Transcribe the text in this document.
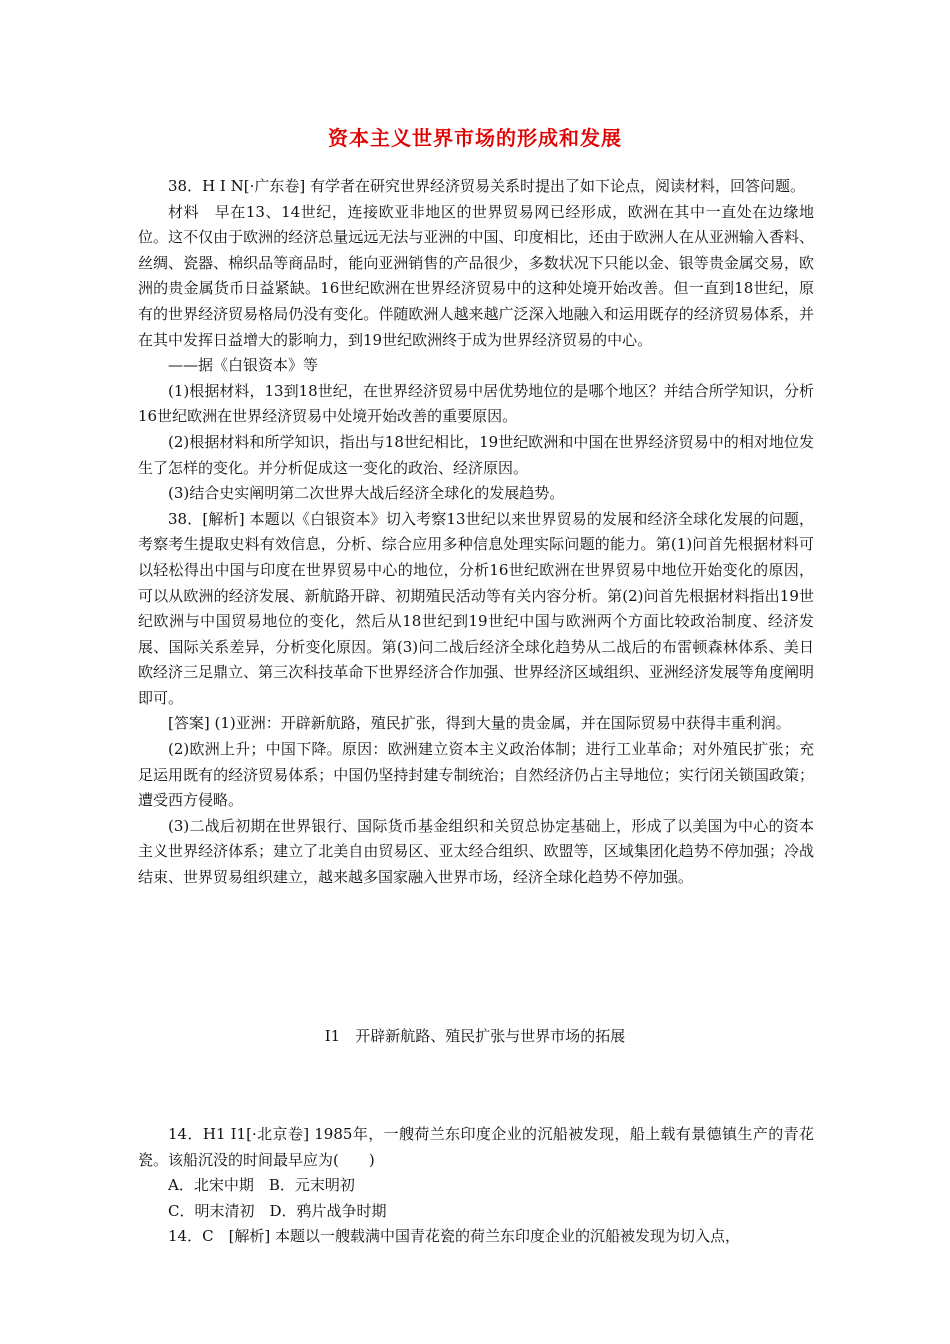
资本主义世界市场的形成和发展

38．H I N[·广东卷] 有学者在研究世界经济贸易关系时提出了如下论点，阅读材料，回答问题。

材料　早在13、14世纪，连接欧亚非地区的世界贸易网已经形成，欧洲在其中一直处在边缘地位。这不仅由于欧洲的经济总量远远无法与亚洲的中国、印度相比，还由于欧洲人在从亚洲输入香料、丝绸、瓷器、棉织品等商品时，能向亚洲销售的产品很少，多数状况下只能以金、银等贵金属交易，欧洲的贵金属货币日益紧缺。16世纪欧洲在世界经济贸易中的这种处境开始改善。但一直到18世纪，原有的世界经济贸易格局仍没有变化。伴随欧洲人越来越广泛深入地融入和运用既存的经济贸易体系，并在其中发挥日益增大的影响力，到19世纪欧洲终于成为世界经济贸易的中心。

——据《白银资本》等

(1)根据材料，13到18世纪，在世界经济贸易中居优势地位的是哪个地区？并结合所学知识，分析16世纪欧洲在世界经济贸易中处境开始改善的重要原因。

(2)根据材料和所学知识，指出与18世纪相比，19世纪欧洲和中国在世界经济贸易中的相对地位发生了怎样的变化。并分析促成这一变化的政治、经济原因。

(3)结合史实阐明第二次世界大战后经济全球化的发展趋势。

38．[解析] 本题以《白银资本》切入考察13世纪以来世界贸易的发展和经济全球化发展的问题，考察考生提取史料有效信息，分析、综合应用多种信息处理实际问题的能力。第(1)问首先根据材料可以轻松得出中国与印度在世界贸易中心的地位，分析16世纪欧洲在世界贸易中地位开始变化的原因，可以从欧洲的经济发展、新航路开辟、初期殖民活动等有关内容分析。第(2)问首先根据材料指出19世纪欧洲与中国贸易地位的变化，然后从18世纪到19世纪中国与欧洲两个方面比较政治制度、经济发展、国际关系差异，分析变化原因。第(3)问二战后经济全球化趋势从二战后的布雷顿森林体系、美日欧经济三足鼎立、第三次科技革命下世界经济合作加强、世界经济区域组织、亚洲经济发展等角度阐明即可。

[答案] (1)亚洲：开辟新航路，殖民扩张，得到大量的贵金属，并在国际贸易中获得丰重利润。

(2)欧洲上升；中国下降。原因：欧洲建立资本主义政治体制；进行工业革命；对外殖民扩张；充足运用既有的经济贸易体系；中国仍坚持封建专制统治；自然经济仍占主导地位；实行闭关锁国政策；遭受西方侵略。

(3)二战后初期在世界银行、国际货币基金组织和关贸总协定基础上，形成了以美国为中心的资本主义世界经济体系；建立了北美自由贸易区、亚太经合组织、欧盟等，区域集团化趋势不停加强；冷战结束、世界贸易组织建立，越来越多国家融入世界市场，经济全球化趋势不停加强。

I1　开辟新航路、殖民扩张与世界市场的拓展

14．H1 I1[·北京卷] 1985年，一艘荷兰东印度企业的沉船被发现，船上载有景德镇生产的青花瓷。该船沉没的时间最早应为(　　)

A．北宋中期　B．元末明初

C．明末清初　D．鸦片战争时期

14．C　[解析] 本题以一艘载满中国青花瓷的荷兰东印度企业的沉船被发现为切入点，
